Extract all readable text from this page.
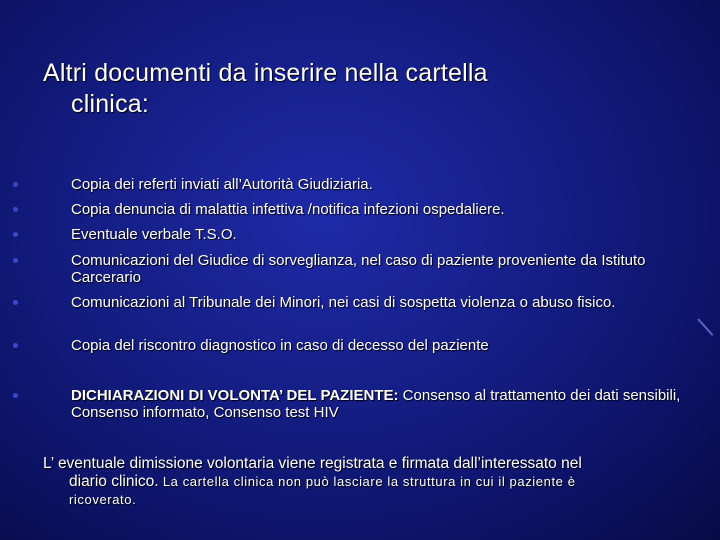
Altri documenti da inserire nella cartella
clinica:
Copia dei referti inviati all’Autorità Giudiziaria.
Copia denuncia di malattia infettiva /notifica infezioni ospedaliere.
Eventuale verbale T.S.O.
Comunicazioni del Giudice di sorveglianza, nel caso di paziente proveniente da Istituto Carcerario
Comunicazioni al Tribunale dei Minori, nei casi di sospetta violenza o abuso fisico.
Copia del riscontro diagnostico in caso di decesso del paziente
DICHIARAZIONI DI VOLONTA’ DEL PAZIENTE: Consenso al trattamento dei dati sensibili, Consenso informato, Consenso test HIV
L’ eventuale dimissione volontaria viene registrata e firmata dall’interessato nel
diario clinico. La cartella clinica non può lasciare la struttura in cui il paziente è
ricoverato.
